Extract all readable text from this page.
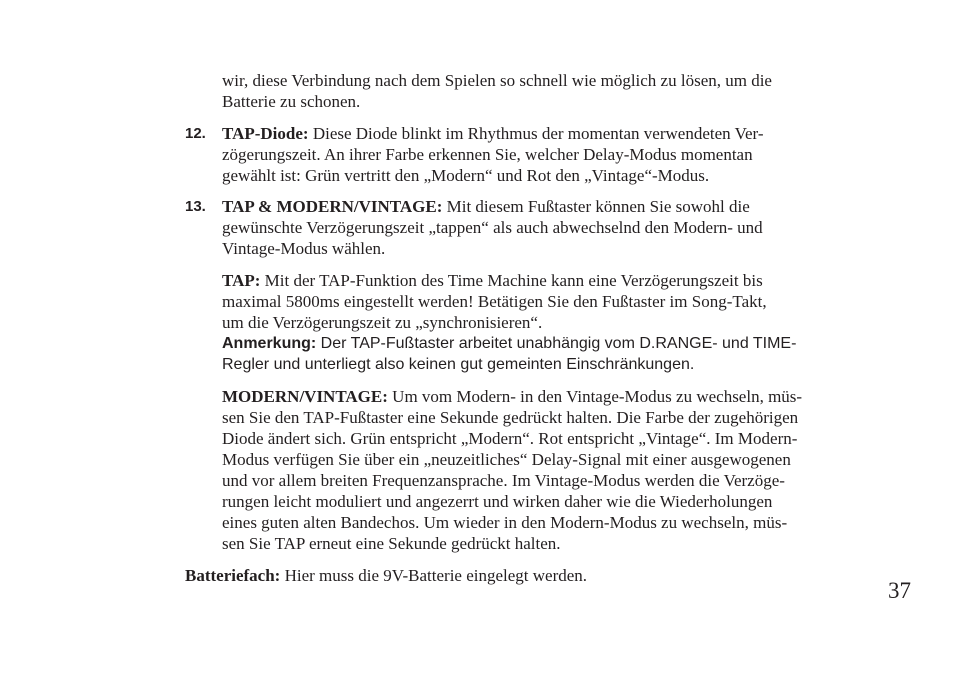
wir, diese Verbindung nach dem Spielen so schnell wie möglich zu lösen, um die
Batterie zu schonen.

12. TAP-Diode: Diese Diode blinkt im Rhythmus der momentan verwendeten Ver-
zögerungszeit. An ihrer Farbe erkennen Sie, welcher Delay-Modus momentan
gewählt ist: Grün vertritt den „Modern“ und Rot den „Vintage“-Modus.

13. TAP & MODERN/VINTAGE: Mit diesem Fußtaster können Sie sowohl die
gewünschte Verzögerungszeit „tappen“ als auch abwechselnd den Modern- und
Vintage-Modus wählen.

TAP: Mit der TAP-Funktion des Time Machine kann eine Verzögerungszeit bis
maximal 5800ms eingestellt werden! Betätigen Sie den Fußtaster im Song-Takt,
um die Verzögerungszeit zu „synchronisieren“.

Anmerkung: Der TAP-Fußtaster arbeitet unabhängig vom D.RANGE- und TIME-
Regler und unterliegt also keinen gut gemeinten Einschränkungen.

MODERN/VINTAGE: Um vom Modern- in den Vintage-Modus zu wechseln, müs-
sen Sie den TAP-Fußtaster eine Sekunde gedrückt halten. Die Farbe der zugehörigen
Diode ändert sich. Grün entspricht „Modern“. Rot entspricht „Vintage“. Im Modern-
Modus verfügen Sie über ein „neuzeitliches“ Delay-Signal mit einer ausgewogenen
und vor allem breiten Frequenzansprache. Im Vintage-Modus werden die Verzöge-
rungen leicht moduliert und angezerrt und wirken daher wie die Wiederholungen
eines guten alten Bandechos. Um wieder in den Modern-Modus zu wechseln, müs-
sen Sie TAP erneut eine Sekunde gedrückt halten.

Batteriefach: Hier muss die 9V-Batterie eingelegt werden.

37
